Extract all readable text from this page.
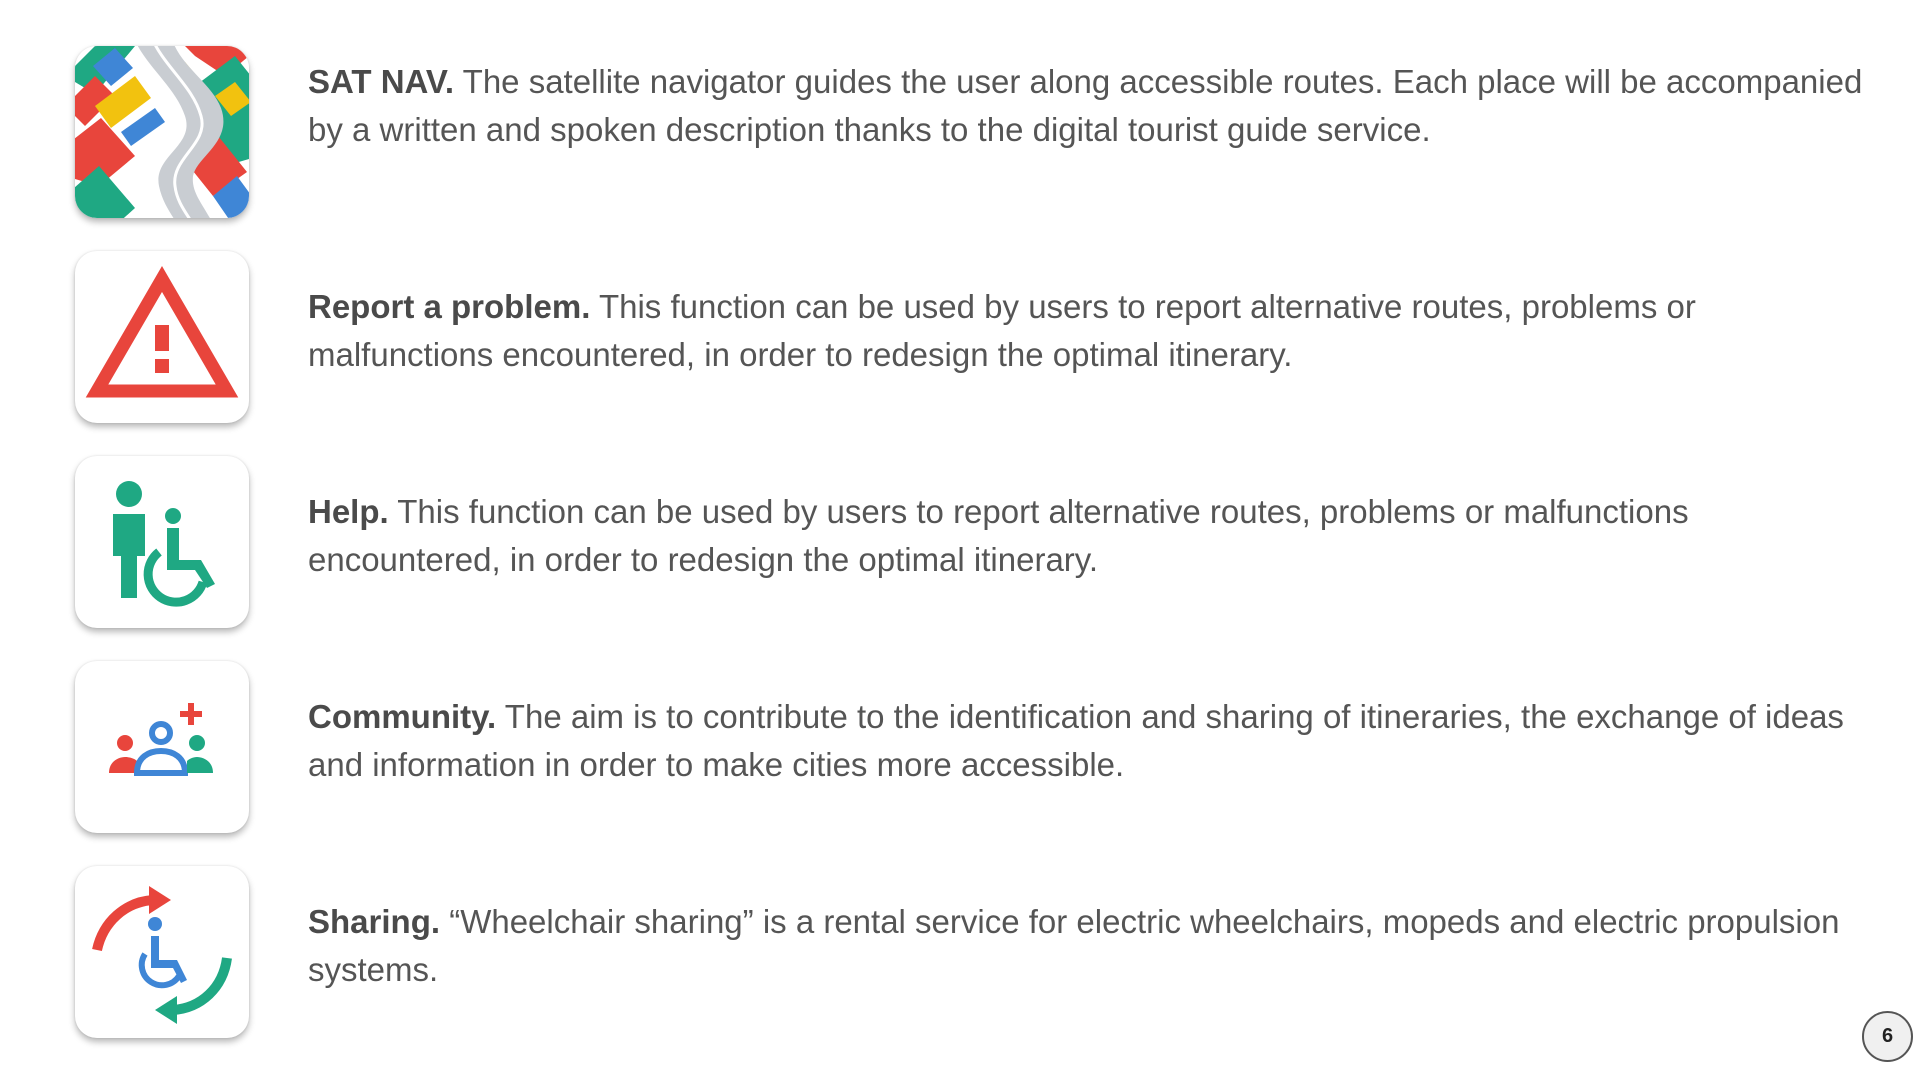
SAT NAV. The satellite navigator guides the user along accessible routes. Each place will be accompanied by a written and spoken description thanks to the digital tourist guide service.
Report a problem. This function can be used by users to report alternative routes, problems or malfunctions encountered, in order to redesign the optimal itinerary.
Help. This function can be used by users to report alternative routes, problems or malfunctions encountered, in order to redesign the optimal itinerary.
Community. The aim is to contribute to the identification and sharing of itineraries, the exchange of ideas and information in order to make cities more accessible.
Sharing. “Wheelchair sharing” is a rental service for electric wheelchairs, mopeds and electric propulsion systems.
6
